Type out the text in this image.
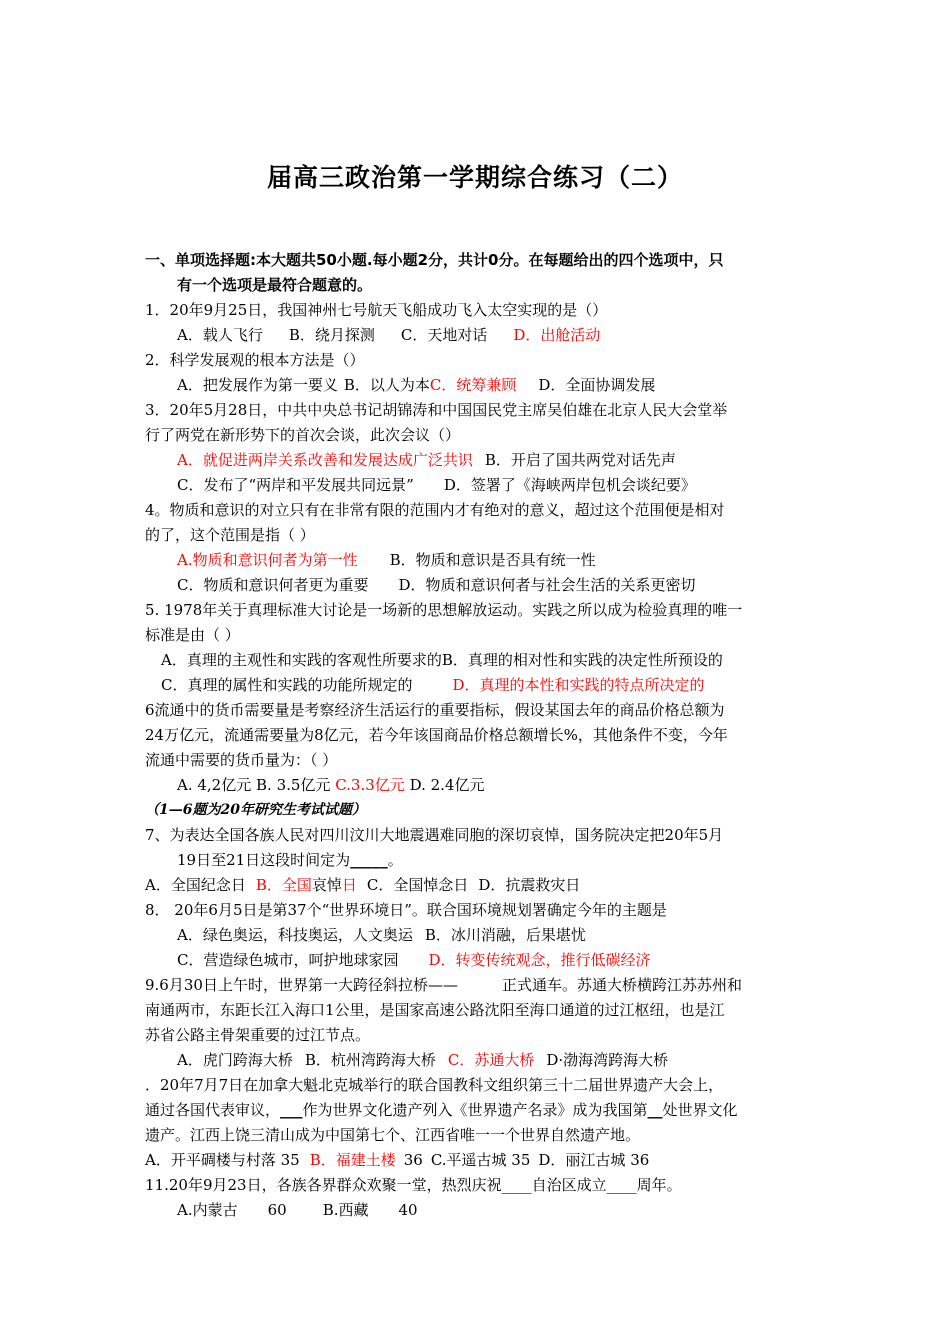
届高三政治第一学期综合练习（二）
一、单项选择题:本大题共50小题.每小题2分，共计0分。在每题给出的四个选项中，只
有一个选项是最符合题意的。
1．20年9月25日，我国神州七号航天飞船成功飞入太空实现的是（）
A．载人飞行 B．绕月探测 C．天地对话 D．出舱活动
2．科学发展观的根本方法是（）
A．把发展作为第一要义 B．以人为本C．统筹兼顾 D．全面协调发展
3．20年5月28日，中共中央总书记胡锦涛和中国国民党主席吴伯雄在北京人民大会堂举
行了两党在新形势下的首次会谈，此次会议（）
A．就促进两岸关系改善和发展达成广泛共识 B．开启了国共两党对话先声
C．发布了“两岸和平发展共同远景” D．签署了《海峡两岸包机会谈纪要》
4。物质和意识的对立只有在非常有限的范围内才有绝对的意义，超过这个范围便是相对
的了，这个范围是指（ ）
A.物质和意识何者为第一性 B．物质和意识是否具有统一性
C．物质和意识何者更为重要 D．物质和意识何者与社会生活的关系更密切
5. 1978年关于真理标准大讨论是一场新的思想解放运动。实践之所以成为检验真理的唯一
标准是由（ ）
A．真理的主观性和实践的客观性所要求的B．真理的相对性和实践的决定性所预设的
C．真理的属性和实践的功能所规定的	D．真理的本性和实践的特点所决定的
6流通中的货币需要量是考察经济生活运行的重要指标，假设某国去年的商品价格总额为
24万亿元，流通需要量为8亿元，若今年该国商品价格总额增长%，其他条件不变，今年
流通中需要的货币量为：（ ）
A. 4,2亿元 B. 3.5亿元 C.3.3亿元 D. 2.4亿元
（1—6题为20年研究生考试试题）
7、为表达全国各族人民对四川汶川大地震遇难同胞的深切哀悼，国务院决定把20年5月
19日至21日这段时间定为_____。
A．全国纪念日 B．全国哀悼日 C．全国悼念日 D．抗震救灾日
8． 20年6月5日是第37个“世界环境日”。联合国环境规划署确定今年的主题是
A．绿色奥运，科技奥运，人文奥运 B．冰川消融，后果堪忧
C．营造绿色城市，呵护地球家园 D．转变传统观念，推行低碳经济
9.6月30日上午时，世界第一大跨径斜拉桥——	正式通车。苏通大桥横跨江苏苏州和
南通两市，东距长江入海口1公里，是国家高速公路沈阳至海口通道的过江枢纽，也是江
苏省公路主骨架重要的过江节点。
A．虎门跨海大桥 B．杭州湾跨海大桥 C．苏通大桥 D·渤海湾跨海大桥
．20年7月7日在加拿大魁北克城举行的联合国教科文组织第三十二届世界遗产大会上，
通过各国代表审议，___作为世界文化遗产列入《世界遗产名录》成为我国第__处世界文化
遗产。江西上饶三清山成为中国第七个、江西省唯一一个世界自然遗产地。
A．开平碉楼与村落 35 B．福建土楼 36 C.平遥古城 35 D．丽江古城 36
11.20年9月23日，各族各界群众欢聚一堂，热烈庆祝____自治区成立____周年。
A.内蒙古 60 B.西藏 40
